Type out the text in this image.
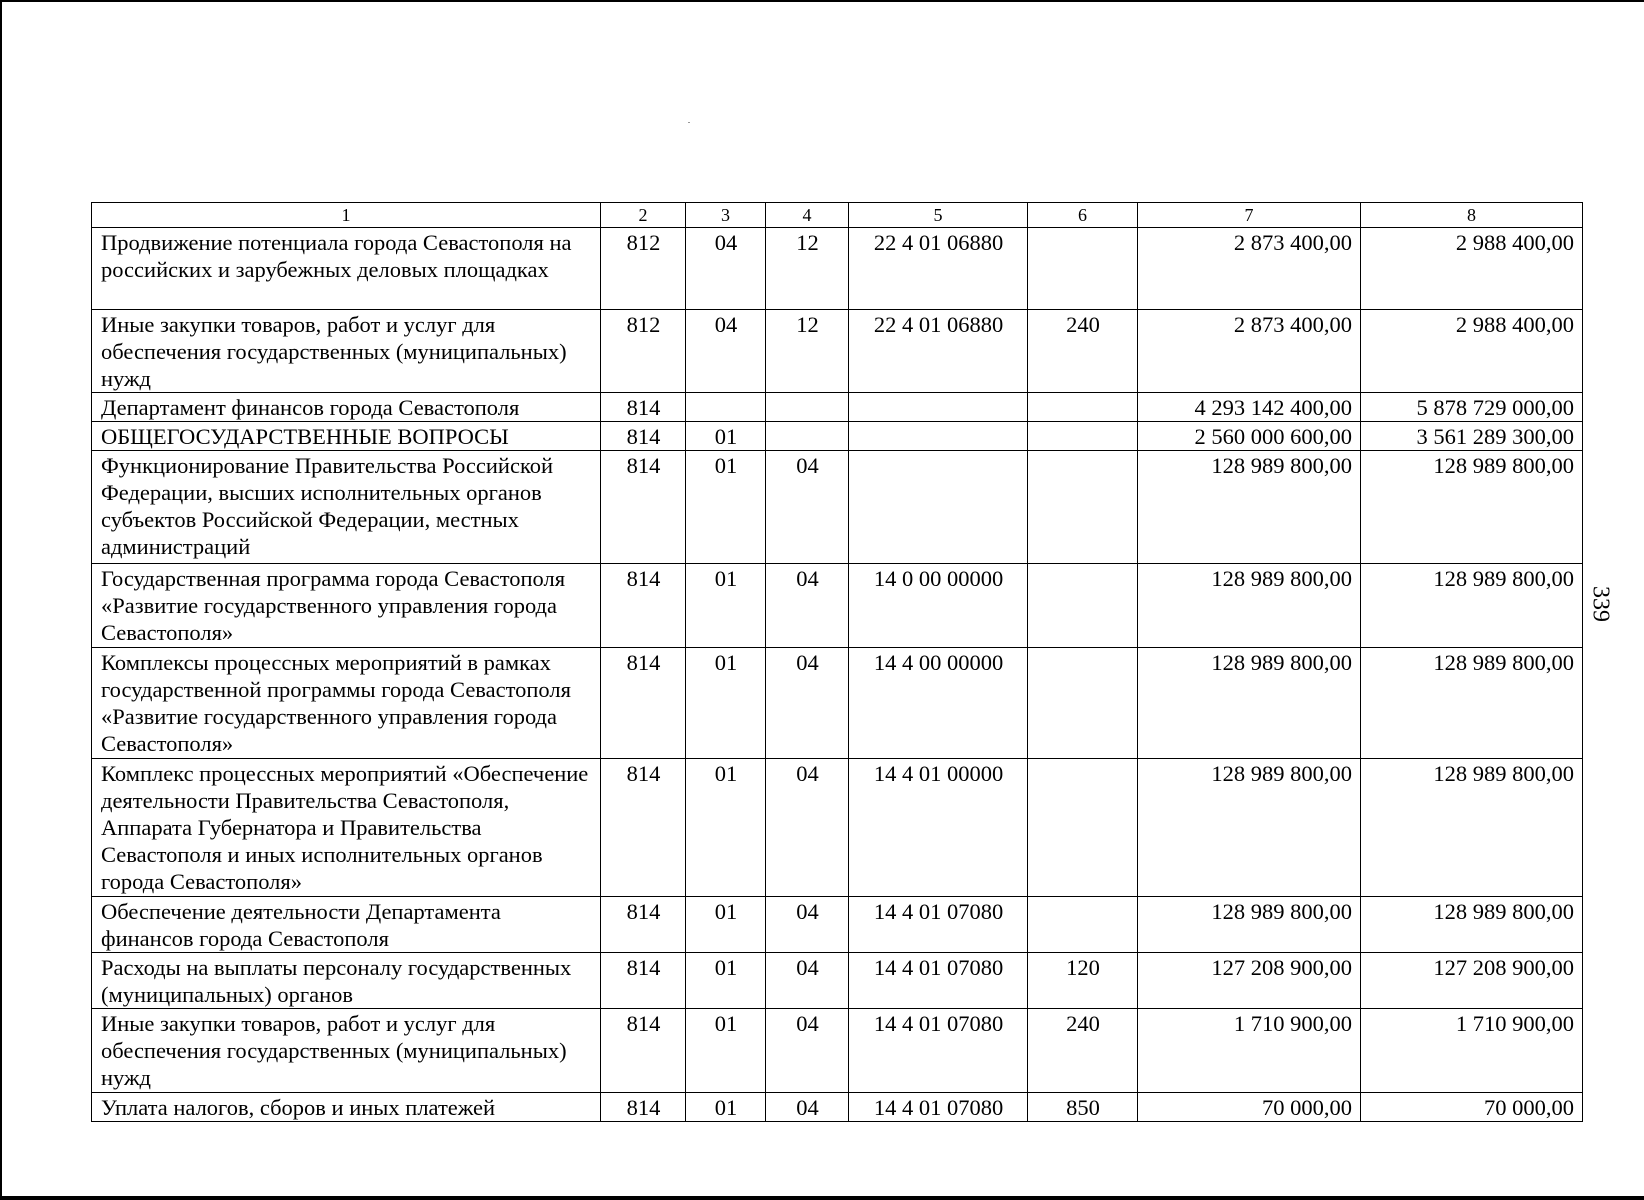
339
1	2	3	4	5	6	7	8
Продвижение потенциала города Севастополя на российских и зарубежных деловых площадках	812	04	12	22 4 01 06880		2 873 400,00	2 988 400,00
Иные закупки товаров, работ и услуг для обеспечения государственных (муниципальных) нужд	812	04	12	22 4 01 06880	240	2 873 400,00	2 988 400,00
Департамент финансов города Севастополя	814					4 293 142 400,00	5 878 729 000,00
ОБЩЕГОСУДАРСТВЕННЫЕ ВОПРОСЫ	814	01				2 560 000 600,00	3 561 289 300,00
Функционирование Правительства Российской Федерации, высших исполнительных органов субъектов Российской Федерации, местных администраций	814	01	04			128 989 800,00	128 989 800,00
Государственная программа города Севастополя «Развитие государственного управления города Севастополя»	814	01	04	14 0 00 00000		128 989 800,00	128 989 800,00
Комплексы процессных мероприятий в рамках государственной программы города Севастополя «Развитие государственного управления города Севастополя»	814	01	04	14 4 00 00000		128 989 800,00	128 989 800,00
Комплекс процессных мероприятий «Обеспечение деятельности Правительства Севастополя, Аппарата Губернатора и Правительства Севастополя и иных исполнительных органов города Севастополя»	814	01	04	14 4 01 00000		128 989 800,00	128 989 800,00
Обеспечение деятельности Департамента финансов города Севастополя	814	01	04	14 4 01 07080		128 989 800,00	128 989 800,00
Расходы на выплаты персоналу государственных (муниципальных) органов	814	01	04	14 4 01 07080	120	127 208 900,00	127 208 900,00
Иные закупки товаров, работ и услуг для обеспечения государственных (муниципальных) нужд	814	01	04	14 4 01 07080	240	1 710 900,00	1 710 900,00
Уплата налогов, сборов и иных платежей	814	01	04	14 4 01 07080	850	70 000,00	70 000,00
